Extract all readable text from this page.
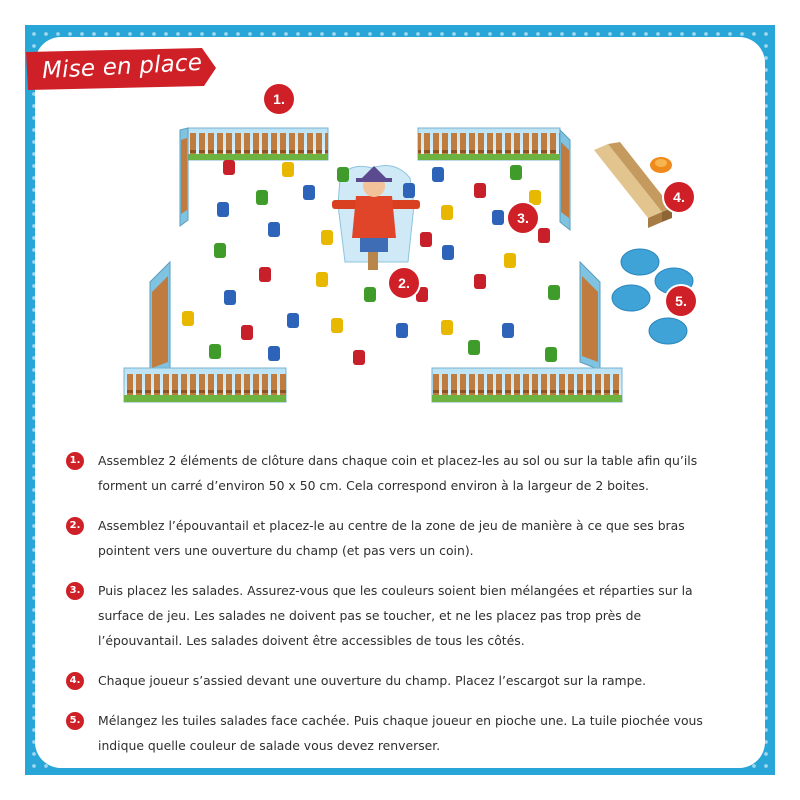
Mise en place
1.
2.
3.
4.
5.
1. Assemblez 2 éléments de clôture dans chaque coin et placez-les au sol ou sur la table afin qu’ils forment un carré d’environ 50 x 50 cm. Cela correspond environ à la largeur de 2 boites.
2. Assemblez l’épouvantail et placez-le au centre de la zone de jeu de manière à ce que ses bras pointent vers une ouverture du champ (et pas vers un coin).
3. Puis placez les salades. Assurez-vous que les couleurs soient bien mélangées et réparties sur la surface de jeu. Les salades ne doivent pas se toucher, et ne les placez pas trop près de l’épouvantail. Les salades doivent être accessibles de tous les côtés.
4. Chaque joueur s’assied devant une ouverture du champ. Placez l’escargot sur la rampe.
5. Mélangez les tuiles salades face cachée. Puis chaque joueur en pioche une. La tuile piochée vous indique quelle couleur de salade vous devez renverser.
